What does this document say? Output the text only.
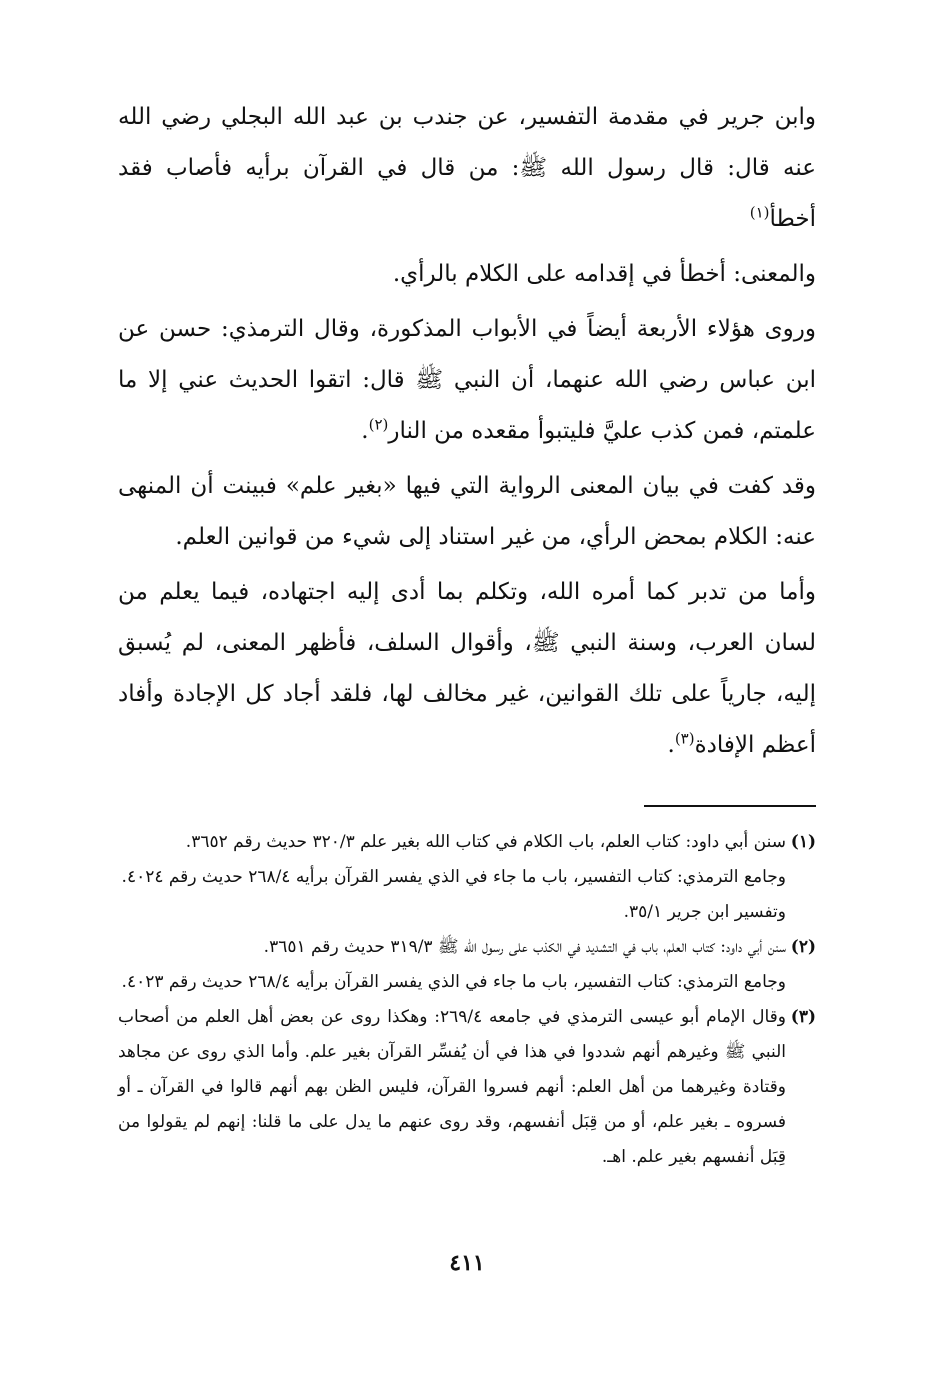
وابن جرير في مقدمة التفسير، عن جندب بن عبد الله البجلي رضي الله عنه قال: قال رسول الله ﷺ: من قال في القرآن برأيه فأصاب فقد أخطأ$^{(١)}$

والمعنى: أخطأ في إقدامه على الكلام بالرأي.

وروى هؤلاء الأربعة أيضاً في الأبواب المذكورة، وقال الترمذي: حسن عن ابن عباس رضي الله عنهما، أن النبي ﷺ قال: اتقوا الحديث عني إلا ما علمتم، فمن كذب عليَّ فليتبوأ مقعده من النار$^{(٢)}$.

وقد كفت في بيان المعنى الرواية التي فيها «بغير علم» فبينت أن المنهى عنه: الكلام بمحض الرأي، من غير استناد إلى شيء من قوانين العلم.

وأما من تدبر كما أمره الله، وتكلم بما أدى إليه اجتهاده، فيما يعلم من لسان العرب، وسنة النبي ﷺ، وأقوال السلف، فأظهر المعنى، لم يُسبق إليه، جارياً على تلك القوانين، غير مخالف لها، فلقد أجاد كل الإجادة وأفاد أعظم الإفادة$^{(٣)}$.

(١)
سنن أبي داود: كتاب العلم، باب الكلام في كتاب الله بغير علم ٣٢٠/٣ حديث رقم ٣٦٥٢.
وجامع الترمذي: كتاب التفسير، باب ما جاء في الذي يفسر القرآن برأيه ٢٦٨/٤ حديث رقم ٤٠٢٤.
وتفسير ابن جرير ٣٥/١.
(٢)
سنن أبي داود: كتاب العلم، باب في التشديد في الكذب على رسول الله ﷺ ٣١٩/٣ حديث رقم ٣٦٥١.
وجامع الترمذي: كتاب التفسير، باب ما جاء في الذي يفسر القرآن برأيه ٢٦٨/٤ حديث رقم ٤٠٢٣.
(٣)
وقال الإمام أبو عيسى الترمذي في جامعه ٢٦٩/٤: وهكذا روى عن بعض أهل العلم من أصحاب النبي ﷺ وغيرهم أنهم شددوا في هذا في أن يُفسِّر القرآن بغير علم. وأما الذي روى عن مجاهد وقتادة وغيرهما من أهل العلم: أنهم فسروا القرآن، فليس الظن بهم أنهم قالوا في القرآن ـ أو فسروه ـ بغير علم، أو من قِبَل أنفسهم، وقد روى عنهم ما يدل على ما قلنا: إنهم لم يقولوا من قِبَل أنفسهم بغير علم. اهـ.
٤١١
